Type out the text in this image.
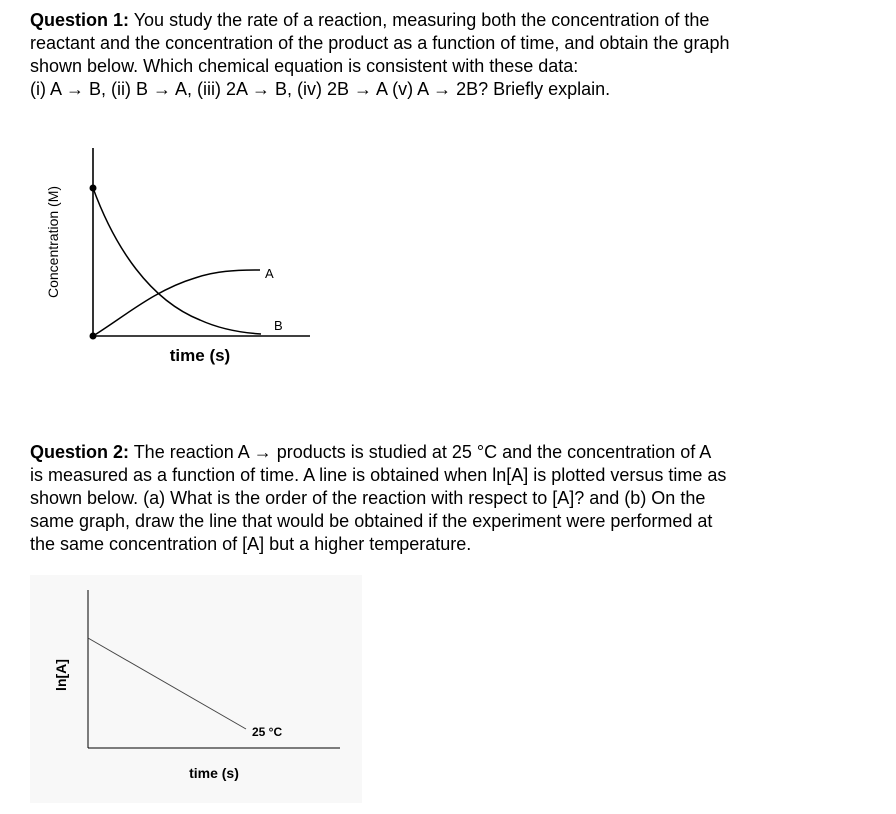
Question 1: You study the rate of a reaction, measuring both the concentration of the
reactant and the concentration of the product as a function of time, and obtain the graph
shown below. Which chemical equation is consistent with these data:
(i) A → B, (ii) B → A, (iii) 2A → B, (iv) 2B → A (v) A → 2B? Briefly explain.

Concentration (M)	A
B
time (s)

Question 2: The reaction A → products is studied at 25 °C and the concentration of A
is measured as a function of time. A line is obtained when ln[A] is plotted versus time as
shown below. (a) What is the order of the reaction with respect to [A]? and (b) On the
same graph, draw the line that would be obtained if the experiment were performed at
the same concentration of [A] but a higher temperature.

ln[A]
25 °C
time (s)
